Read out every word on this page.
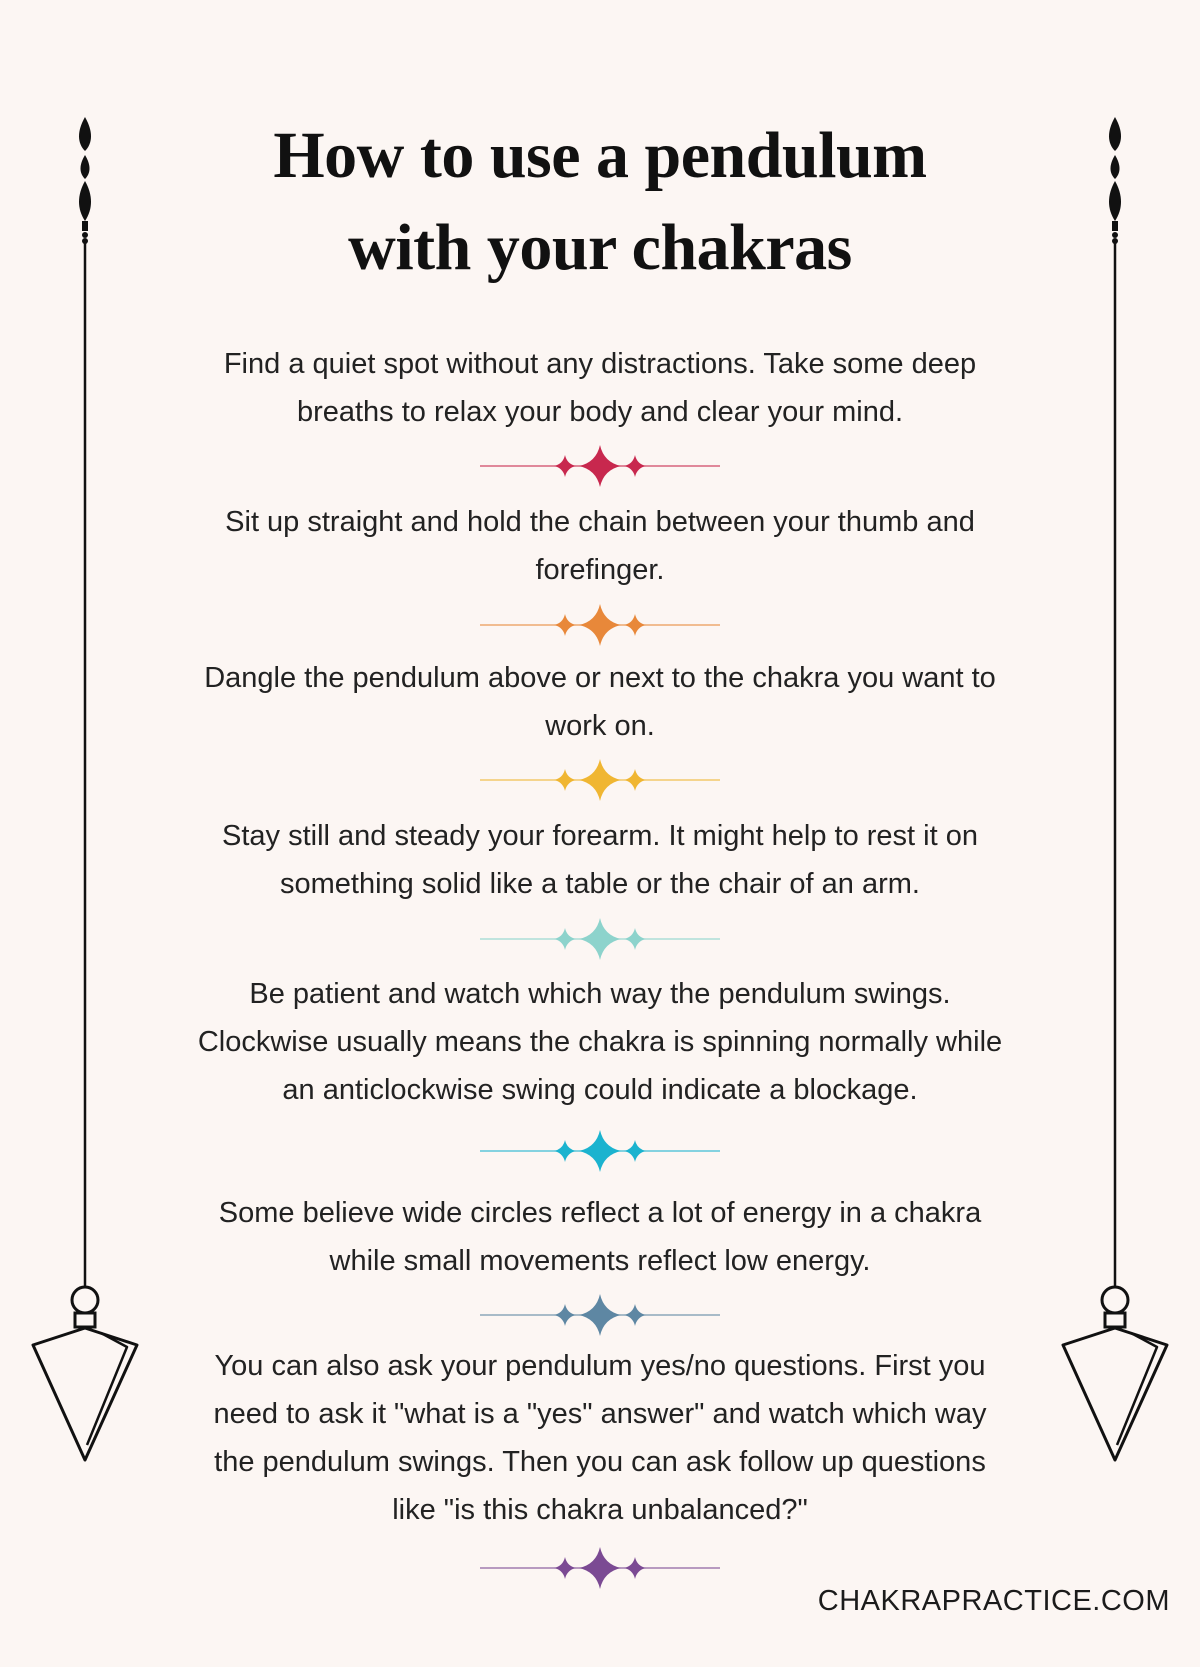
How to use a pendulum
with your chakras

Find a quiet spot without any distractions. Take some deep breaths to relax your body and clear your mind.

Sit up straight and hold the chain between your thumb and forefinger.

Dangle the pendulum above or next to the chakra you want to work on.

Stay still and steady your forearm. It might help to rest it on something solid like a table or the chair of an arm.

Be patient and watch which way the pendulum swings. Clockwise usually means the chakra is spinning normally while an anticlockwise swing could indicate a blockage.

Some believe wide circles reflect a lot of energy in a chakra while small movements reflect low energy.

You can also ask your pendulum yes/no questions. First you need to ask it "what is a "yes" answer" and watch which way the pendulum swings. Then you can ask follow up questions like "is this chakra unbalanced?"

CHAKRAPRACTICE.COM
